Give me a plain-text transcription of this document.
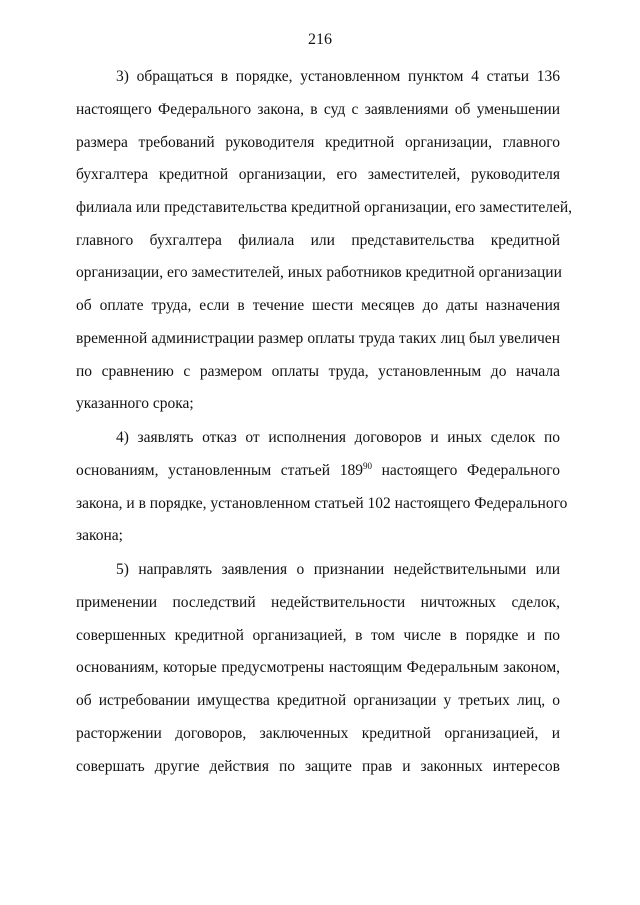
216
3) обращаться в порядке, установленном пунктом 4 статьи 136
настоящего Федерального закона, в суд с заявлениями об уменьшении
размера требований руководителя кредитной организации, главного
бухгалтера кредитной организации, его заместителей, руководителя
филиала или представительства кредитной организации, его заместителей,
главного бухгалтера филиала или представительства кредитной
организации, его заместителей, иных работников кредитной организации
об оплате труда, если в течение шести месяцев до даты назначения
временной администрации размер оплаты труда таких лиц был увеличен
по сравнению с размером оплаты труда, установленным до начала
указанного срока;
4) заявлять отказ от исполнения договоров и иных сделок по
основаниям, установленным статьей $189^{90}$ настоящего Федерального
закона, и в порядке, установленном статьей 102 настоящего Федерального
закона;
5) направлять заявления о признании недействительными или
применении последствий недействительности ничтожных сделок,
совершенных кредитной организацией, в том числе в порядке и по
основаниям, которые предусмотрены настоящим Федеральным законом,
об истребовании имущества кредитной организации у третьих лиц, о
расторжении договоров, заключенных кредитной организацией, и
совершать другие действия по защите прав и законных интересов
